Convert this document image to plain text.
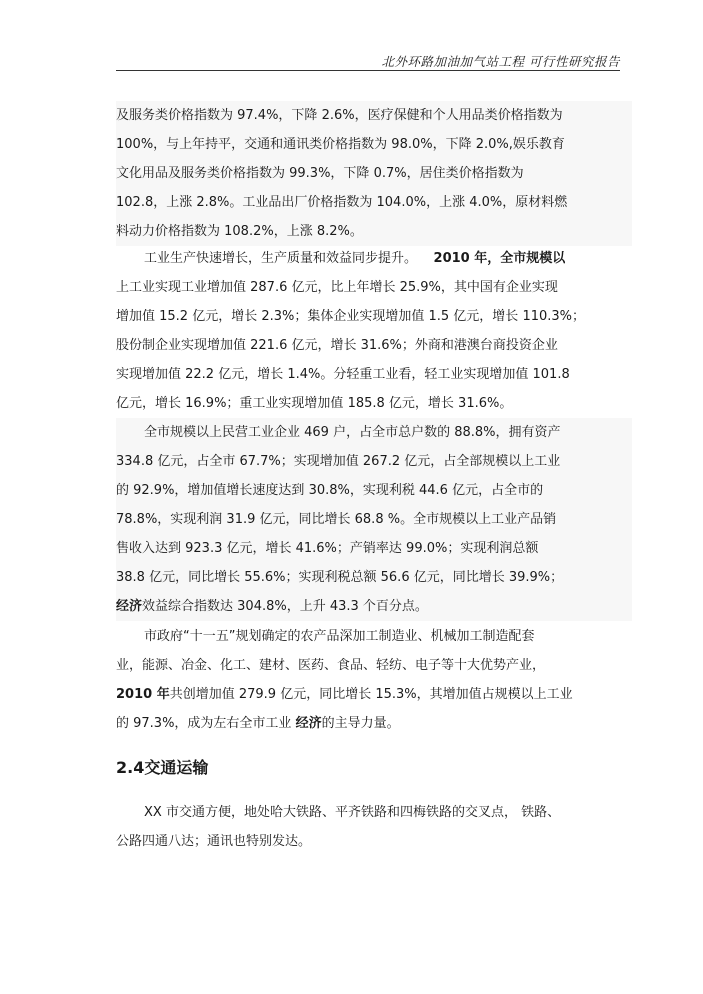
北外环路加油加气站工程 可行性研究报告
及服务类价格指数为 97.4%，下降 2.6%，医疗保健和个人用品类价格指数为
100%，与上年持平，交通和通讯类价格指数为 98.0%，下降 2.0%,娱乐教育
文化用品及服务类价格指数为 99.3%，下降 0.7%，居住类价格指数为
102.8，上涨 2.8%。工业品出厂价格指数为 104.0%，上涨 4.0%，原材料燃
料动力价格指数为 108.2%，上涨 8.2%。
工业生产快速增长，生产质量和效益同步提升。 2010 年，全市规模以
上工业实现工业增加值 287.6 亿元，比上年增长 25.9%，其中国有企业实现
增加值 15.2 亿元，增长 2.3%；集体企业实现增加值 1.5 亿元，增长 110.3%；
股份制企业实现增加值 221.6 亿元，增长 31.6%；外商和港澳台商投资企业
实现增加值 22.2 亿元，增长 1.4%。分轻重工业看，轻工业实现增加值 101.8
亿元，增长 16.9%；重工业实现增加值 185.8 亿元，增长 31.6%。
全市规模以上民营工业企业 469 户，占全市总户数的 88.8%，拥有资产
334.8 亿元，占全市 67.7%；实现增加值 267.2 亿元，占全部规模以上工业
的 92.9%，增加值增长速度达到 30.8%，实现利税 44.6 亿元，占全市的
78.8%，实现利润 31.9 亿元，同比增长 68.8 %。全市规模以上工业产品销
售收入达到 923.3 亿元，增长 41.6%；产销率达 99.0%；实现利润总额
38.8 亿元，同比增长 55.6%；实现利税总额 56.6 亿元，同比增长 39.9%；
经济效益综合指数达 304.8%，上升 43.3 个百分点。
市政府“十一五”规划确定的农产品深加工制造业、机械加工制造配套
业，能源、冶金、化工、建材、医药、食品、轻纺、电子等十大优势产业，
2010 年共创增加值 279.9 亿元，同比增长 15.3%，其增加值占规模以上工业
的 97.3%，成为左右全市工业 经济的主导力量。
2.4交通运输
XX 市交通方便，地处哈大铁路、平齐铁路和四梅铁路的交叉点， 铁路、
公路四通八达；通讯也特别发达。
